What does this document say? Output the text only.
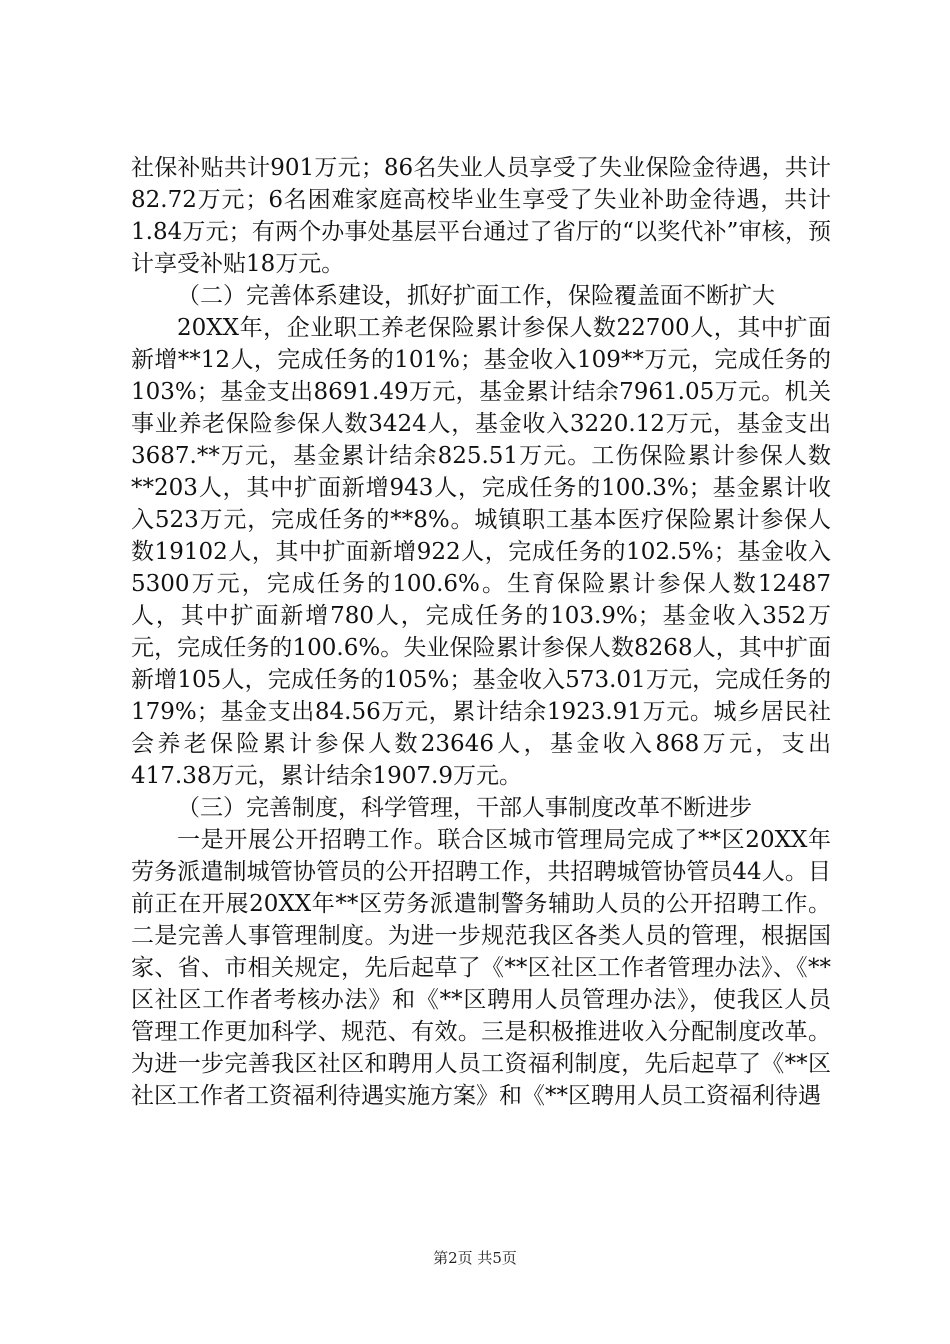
社保补贴共计901万元；86名失业人员享受了失业保险金待遇，共计82.72万元；6名困难家庭高校毕业生享受了失业补助金待遇，共计1.84万元；有两个办事处基层平台通过了省厅的“以奖代补”审核，预计享受补贴18万元。

（二）完善体系建设，抓好扩面工作，保险覆盖面不断扩大

20XX年，企业职工养老保险累计参保人数22700人，其中扩面新增**12人，完成任务的101%；基金收入109**万元，完成任务的103%；基金支出8691.49万元，基金累计结余7961.05万元。机关事业养老保险参保人数3424人，基金收入3220.12万元，基金支出3687.**万元，基金累计结余825.51万元。工伤保险累计参保人数**203人，其中扩面新增943人，完成任务的100.3%；基金累计收入523万元，完成任务的**8%。城镇职工基本医疗保险累计参保人数19102人，其中扩面新增922人，完成任务的102.5%；基金收入5300万元，完成任务的100.6%。生育保险累计参保人数12487人，其中扩面新增780人，完成任务的103.9%；基金收入352万元，完成任务的100.6%。失业保险累计参保人数8268人，其中扩面新增105人，完成任务的105%；基金收入573.01万元，完成任务的179%；基金支出84.56万元，累计结余1923.91万元。城乡居民社会养老保险累计参保人数23646人，基金收入868万元，支出417.38万元，累计结余1907.9万元。

（三）完善制度，科学管理，干部人事制度改革不断进步

一是开展公开招聘工作。联合区城市管理局完成了**区20XX年劳务派遣制城管协管员的公开招聘工作，共招聘城管协管员44人。目前正在开展20XX年**区劳务派遣制警务辅助人员的公开招聘工作。二是完善人事管理制度。为进一步规范我区各类人员的管理，根据国家、省、市相关规定，先后起草了《**区社区工作者管理办法》、《**区社区工作者考核办法》和《**区聘用人员管理办法》，使我区人员管理工作更加科学、规范、有效。三是积极推进收入分配制度改革。为进一步完善我区社区和聘用人员工资福利制度，先后起草了《**区社区工作者工资福利待遇实施方案》和《**区聘用人员工资福利待遇

第2页 共5页
